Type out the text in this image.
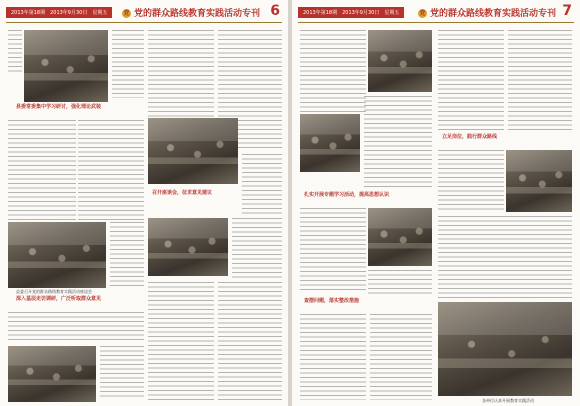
2013年第18期　2013年9月30日　星期五	党 党的群众路线教育实践活动专刊 6
县委常委集中学习研讨，强化理论武装
县委召开党的群众路线教育实践活动座谈会
深入基层走访调研，广泛听取群众意见
召开座谈会，征求意见建议
2013年第18期　2013年9月30日　星期五	党 党的群众路线教育实践活动专刊 7
扎实开展专题学习活动，提高思想认识
查摆问题，落实整改措施
立足岗位，践行群众路线
各单位认真开展教育实践活动
